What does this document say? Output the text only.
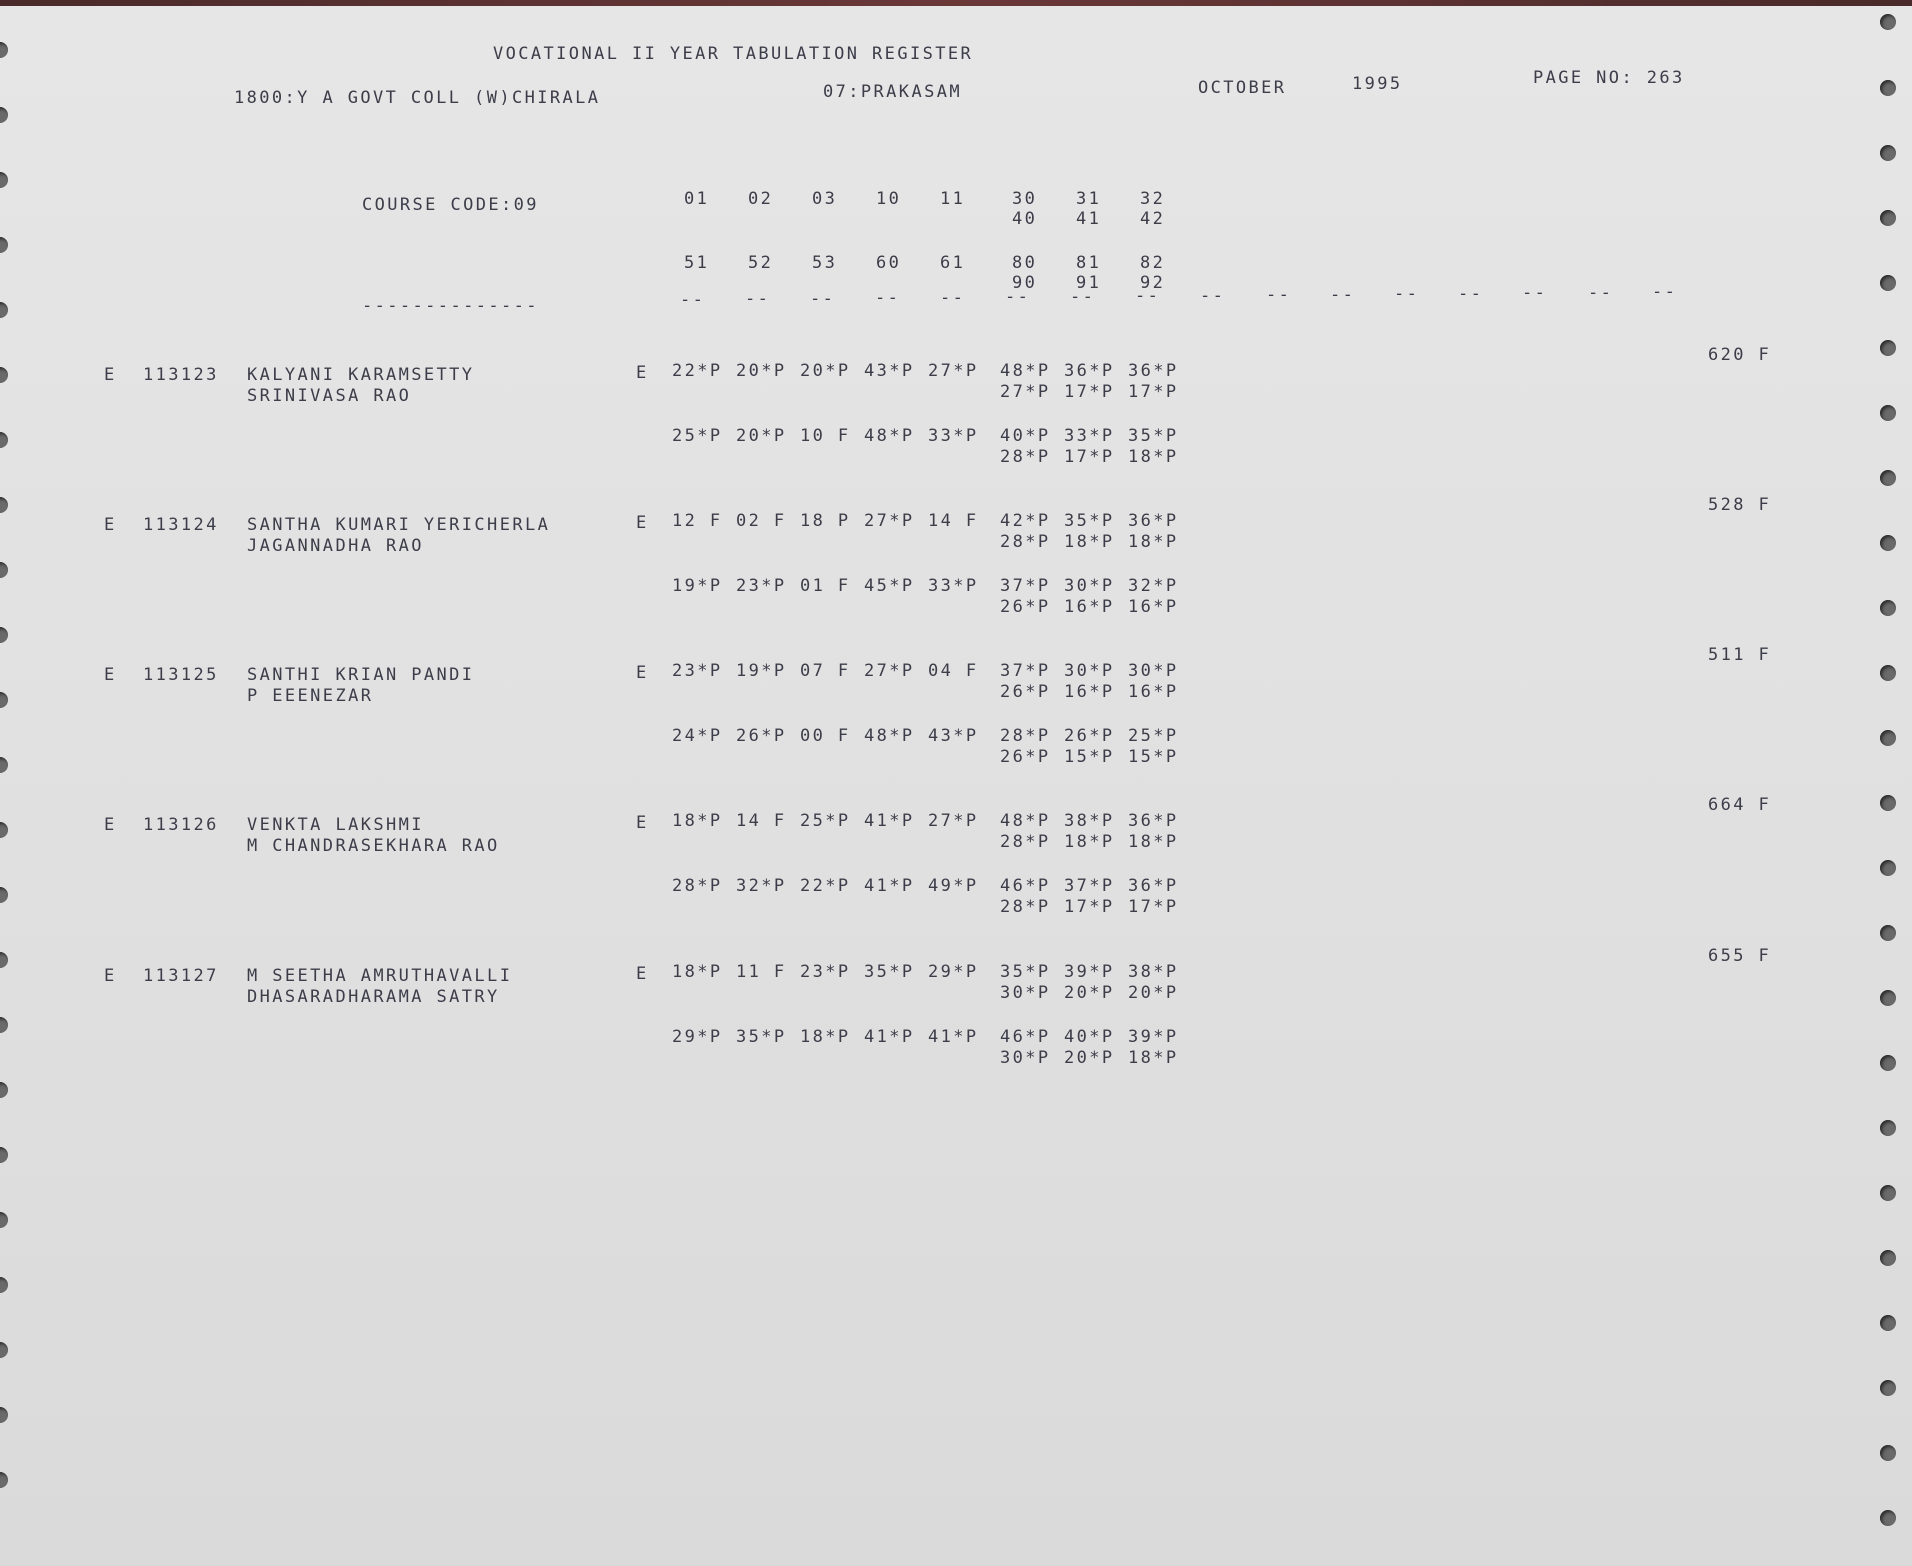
VOCATIONAL II YEAR TABULATION REGISTER
1800:Y A GOVT COLL (W)CHIRALA	07:PRAKASAM	OCTOBER	1995	PAGE NO: 263
COURSE CODE:09
--------------
01 02 03 10 11	30 31 32
40 41 42
51 52 53 60 61	80 81 82
90 91 92
-- -- -- -- -- -- -- -- -- -- -- -- -- -- -- --
E 113123 KALYANI KARAMSETTY
SRINIVASA RAO
E
620 F
22*P 20*P 20*P 43*P 27*P 48*P 36*P 36*P
27*P 17*P 17*P
25*P 20*P 10 F 48*P 33*P 40*P 33*P 35*P
28*P 17*P 18*P
E 113124 SANTHA KUMARI YERICHERLA
JAGANNADHA RAO
E
528 F
12 F 02 F 18 P 27*P 14 F 42*P 35*P 36*P
28*P 18*P 18*P
19*P 23*P 01 F 45*P 33*P 37*P 30*P 32*P
26*P 16*P 16*P
E 113125 SANTHI KRIAN PANDI
P EEENEZAR
E
511 F
23*P 19*P 07 F 27*P 04 F 37*P 30*P 30*P
26*P 16*P 16*P
24*P 26*P 00 F 48*P 43*P 28*P 26*P 25*P
26*P 15*P 15*P
E 113126 VENKTA LAKSHMI
M CHANDRASEKHARA RAO
E
664 F
18*P 14 F 25*P 41*P 27*P 48*P 38*P 36*P
28*P 18*P 18*P
28*P 32*P 22*P 41*P 49*P 46*P 37*P 36*P
28*P 17*P 17*P
E 113127 M SEETHA AMRUTHAVALLI
DHASARADHARAMA SATRY
E
655 F
18*P 11 F 23*P 35*P 29*P 35*P 39*P 38*P
30*P 20*P 20*P
29*P 35*P 18*P 41*P 41*P 46*P 40*P 39*P
30*P 20*P 18*P
